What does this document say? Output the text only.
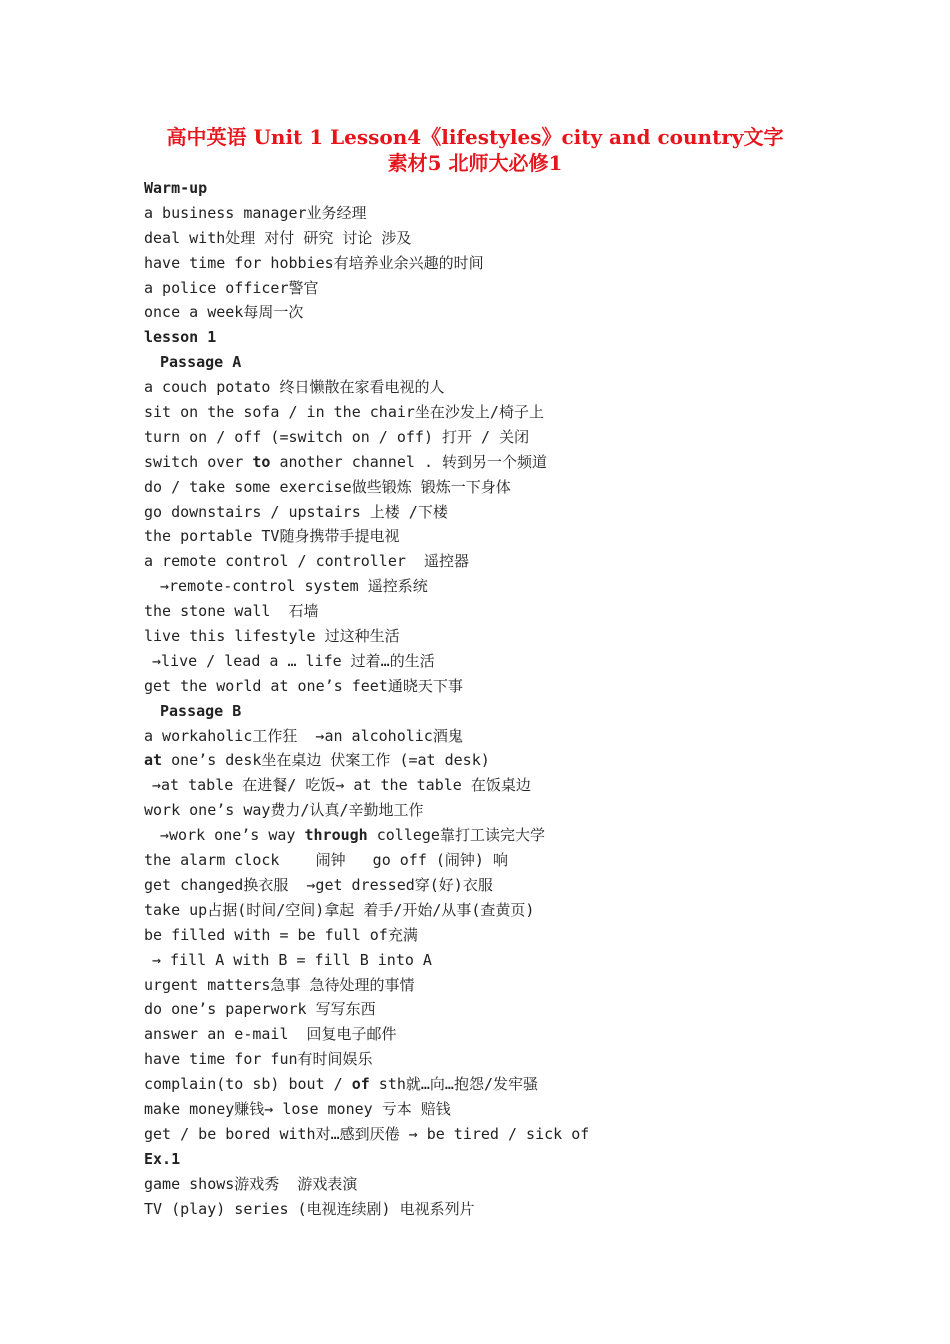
高中英语 Unit 1 Lesson4《lifestyles》city and country文字
素材5 北师大必修1
Warm-up
a business manager业务经理
deal with处理 对付 研究 讨论 涉及
have time for hobbies有培养业余兴趣的时间
a police officer警官
once a week每周一次
lesson 1
Passage A
a couch potato 终日懒散在家看电视的人
sit on the sofa / in the chair坐在沙发上/椅子上
turn on / off (=switch on / off) 打开 / 关闭
switch over to another channel . 转到另一个频道
do / take some exercise做些锻炼 锻炼一下身体
go downstairs / upstairs 上楼 /下楼
the portable TV随身携带手提电视
a remote control / controller  遥控器
→remote-control system 遥控系统
the stone wall  石墙
live this lifestyle 过这种生活
→live / lead a … life 过着…的生活
get the world at one’s feet通晓天下事
Passage B
a workaholic工作狂  →an alcoholic酒鬼
at one’s desk坐在桌边 伏案工作 (=at desk)
→at table 在进餐/ 吃饭→ at the table 在饭桌边
work one’s way费力/认真/辛勤地工作
→work one’s way through college靠打工读完大学
the alarm clock    闹钟   go off (闹钟) 响
get changed换衣服  →get dressed穿(好)衣服
take up占据(时间/空间)拿起 着手/开始/从事(查黄页)
be filled with = be full of充满
→ fill A with B = fill B into A
urgent matters急事 急待处理的事情
do one’s paperwork 写写东西
answer an e-mail  回复电子邮件
have time for fun有时间娱乐
complain(to sb) bout / of sth就…向…抱怨/发牢骚
make money赚钱→ lose money 亏本 赔钱
get / be bored with对…感到厌倦 → be tired / sick of
Ex.1
game shows游戏秀  游戏表演
TV (play) series (电视连续剧) 电视系列片
